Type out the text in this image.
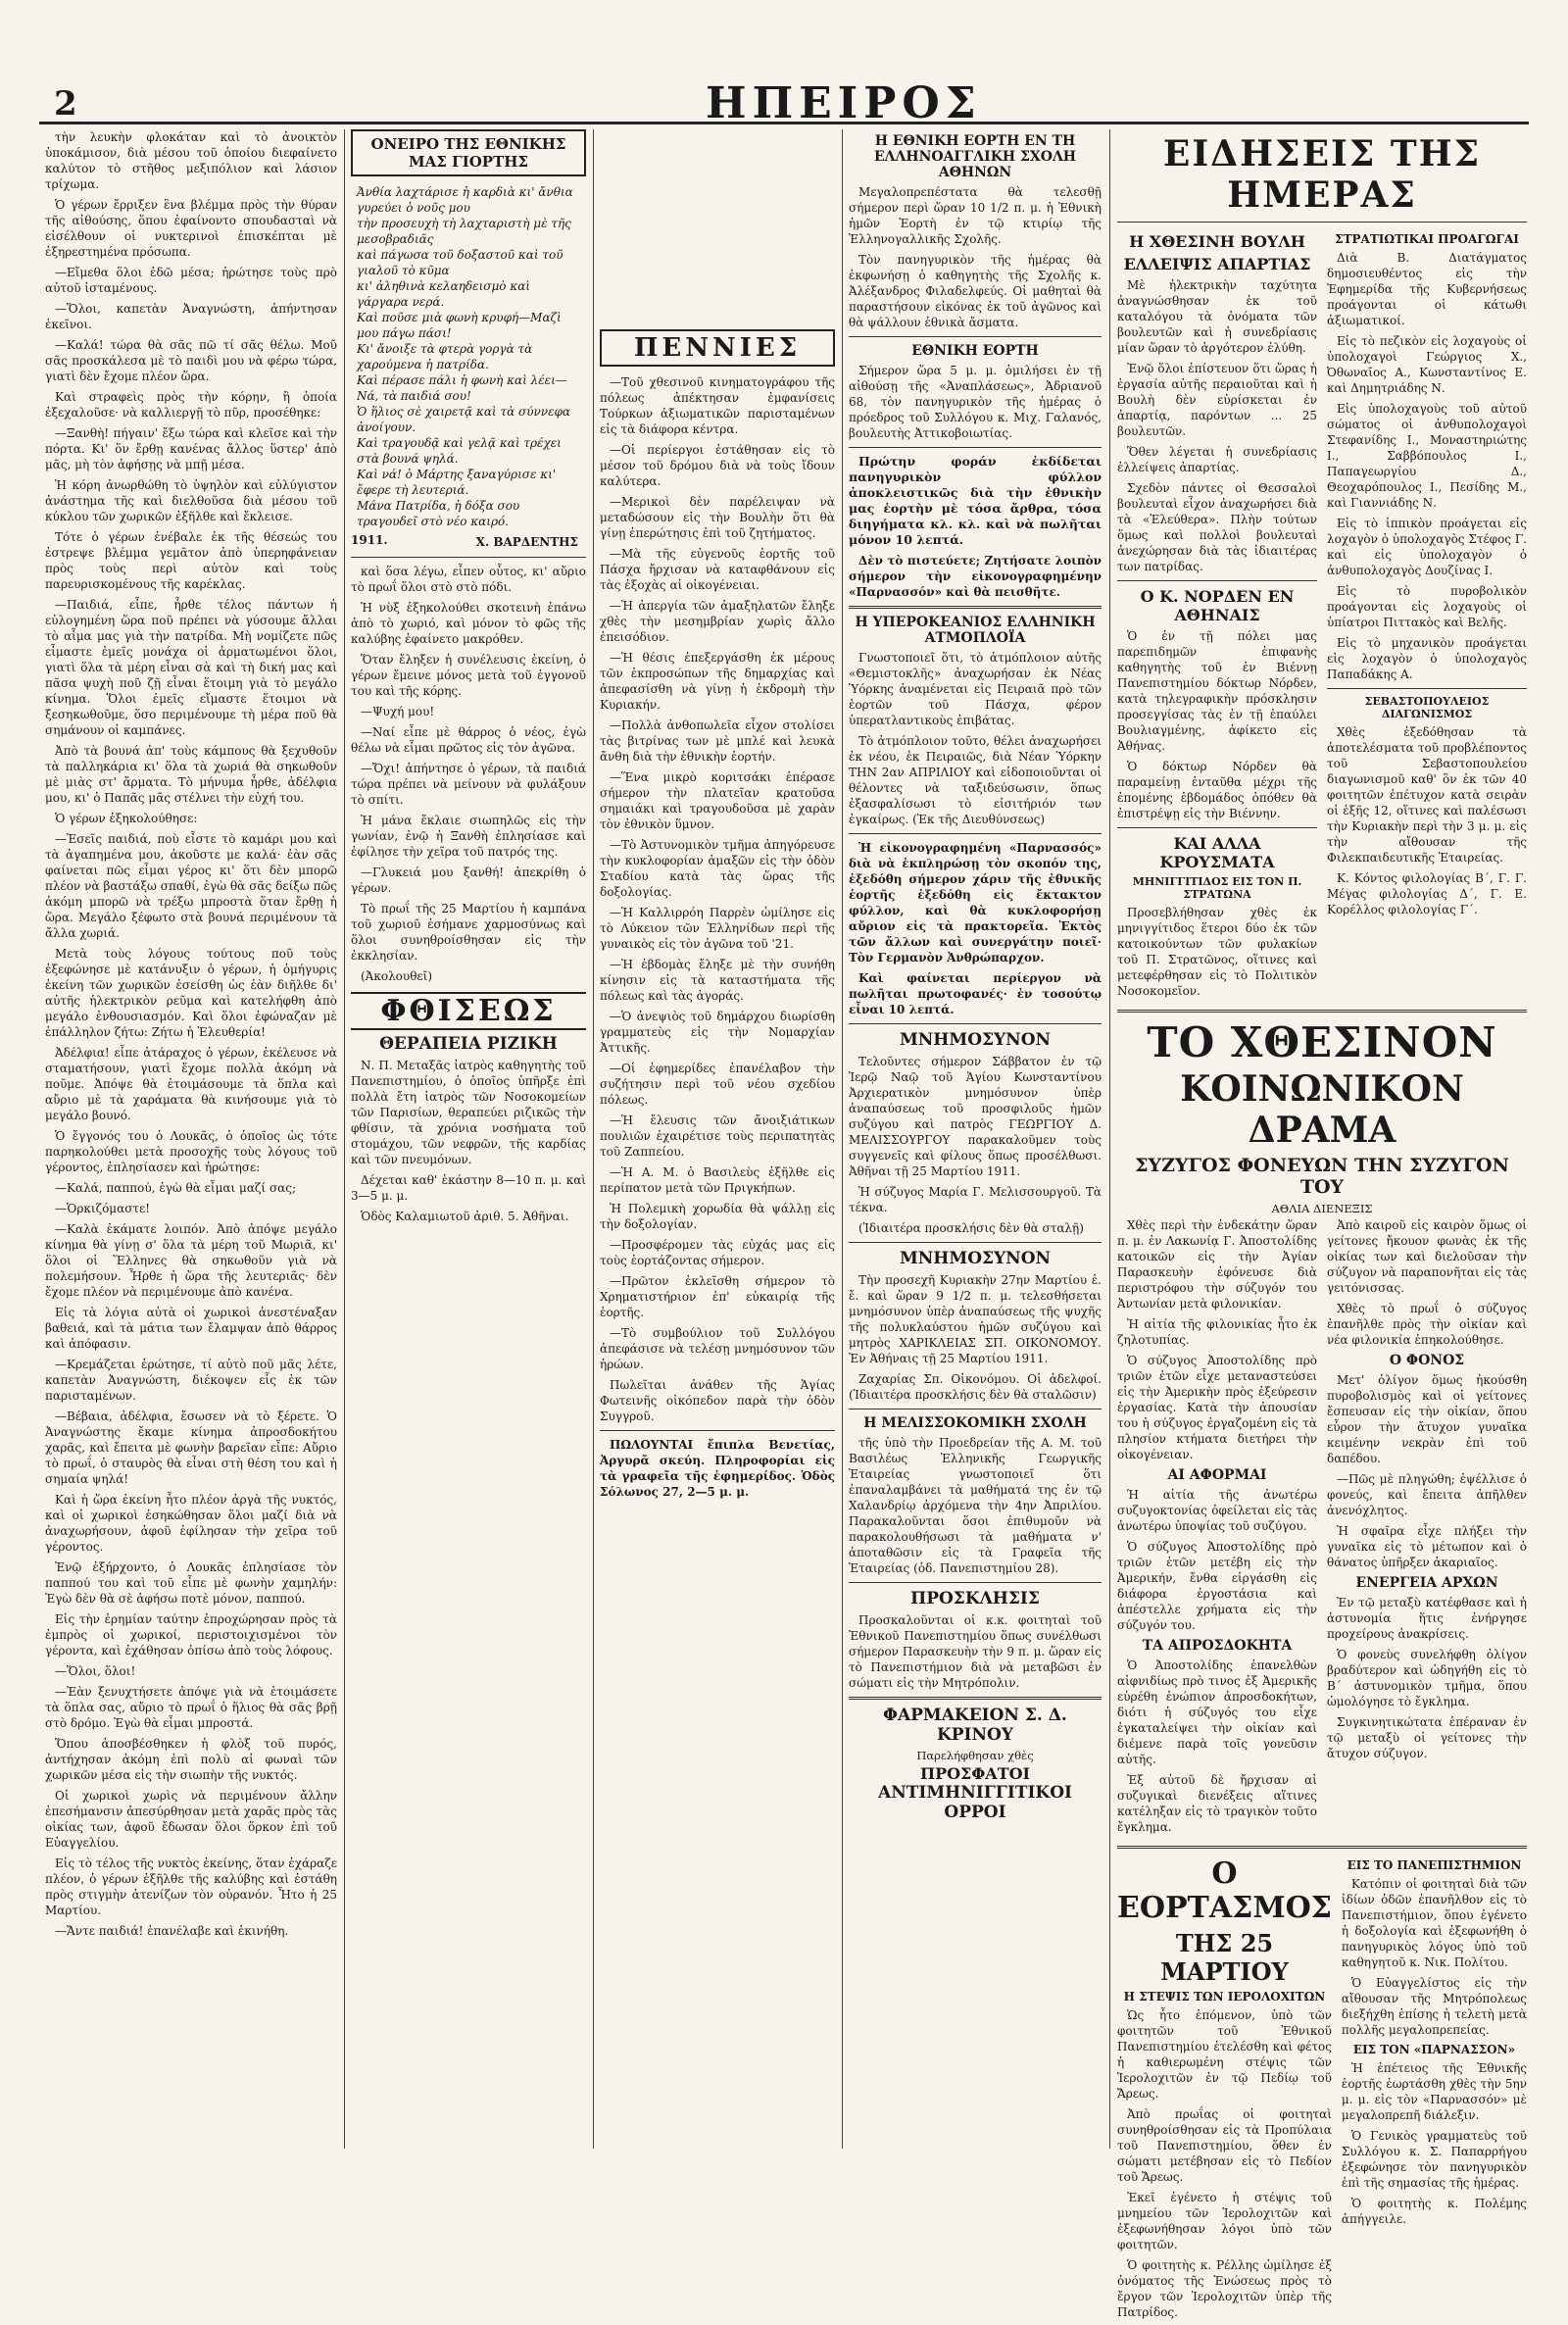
2	ΗΠΕΙΡΟΣ

τὴν λευκὴν φλοκάταν καὶ τὸ ἀνοικτὸν ὑποκάμισον, διὰ μέσου τοῦ ὁποίου διεφαίνετο καλύτον τὸ στῆθος μεξιπόλιον καὶ λάσιον τρίχωμα.

Ὁ γέρων ἔρριξεν ἓνα βλέμμα πρὸς τὴν θύραν τῆς αἰθούσης, ὅπου ἐφαίνοντο σπουδασταὶ νὰ εἰσέλθουν οἱ νυκτερινοὶ ἐπισκέπται μὲ ἐξηρεστημένα πρόσωπα.

—Εἴμεθα ὅλοι ἐδῶ μέσα; ἠρώτησε τοὺς πρὸ αὐτοῦ ἱσταμένους.

—Ὅλοι, καπετὰν Ἀναγνώστη, ἀπήντησαν ἐκεῖνοι.

—Καλά! τώρα θὰ σᾶς πῶ τί σᾶς θέλω. Μοῦ σᾶς προσκάλεσα μὲ τὸ παιδὶ μου νὰ φέρω τώρα, γιατὶ δὲν ἔχομε πλέον ὥρα.

Καὶ στραφεὶς πρὸς τὴν κόρην, ἢ ὁποία ἐξεχαλοῦσε· νὰ καλλιεργῇ τὸ πῦρ, προσέθηκε:

—Ξανθὴ! πήγαιν' ἔξω τώρα καὶ κλεῖσε καὶ τὴν πόρτα. Κι' ὅν ἔρθῃ κανένας ἄλλος ὕστερ' ἀπὸ μᾶς, μὴ τὸν ἀφήσῃς νὰ μπῇ μέσα.

Ἡ κόρη ἀνωρθώθη τὸ ὑψηλὸν καὶ εὐλύγιστον ἀνάστημα τῆς καὶ διελθοῦσα διὰ μέσου τοῦ κύκλου τῶν χωρικῶν ἐξῆλθε καὶ ἔκλεισε.

Τότε ὁ γέρων ἐνέβαλε ἐκ τῆς θέσεώς του ἐστρεψε βλέμμα γεμᾶτον ἀπὸ ὑπερηφάνειαν πρὸς τοὺς περὶ αὐτὸν καὶ τοὺς παρευρισκομένους τῆς καρέκλας.

—Παιδιά, εἶπε, ἦρθε τέλος πάντων ἡ εὐλογημένη ὥρα ποῦ πρέπει νὰ γύσουμε ἄλλαι τὸ αἷμα μας γιὰ τὴν πατρίδα. Μὴ νομίζετε πῶς εἶμαστε ἐμεῖς μονάχα οἱ ἀρματωμένοι ὅλοι, γιατὶ ὅλα τὰ μέρη εἶναι σὰ καὶ τὴ δική μας καὶ πᾶσα ψυχὴ ποῦ ζῇ εἶναι ἕτοιμη γιὰ τὸ μεγάλο κίνημα. Ὅλοι ἐμεῖς εἴμαστε ἕτοιμοι νὰ ξεσηκωθοῦμε, ὅσο περιμένουμε τὴ μέρα ποῦ θὰ σημάνουν οἱ καμπάνες.

Ἀπὸ τὰ βουνά ἀπ' τοὺς κάμπους θὰ ξεχυθοῦν τὰ παλληκάρια κι' ὅλα τὰ χωριά θὰ σηκωθοῦν μὲ μιὰς στ' ἄρματα. Τὸ μήνυμα ἦρθε, ἀδέλφια μου, κι' ὁ Παπᾶς μᾶς στέλνει τὴν εὐχή του.

Ὁ γέρων ἐξηκολούθησε:

—Ἐσεῖς παιδιά, ποὺ εἶστε τὸ καμάρι μου καὶ τὰ ἀγαπημένα μου, ἀκοῦστε με καλά· ἐὰν σᾶς φαίνεται πῶς εἶμαι γέρος κι' ὅτι δὲν μπορῶ πλέον νὰ βαστάξω σπαθί, ἐγὼ θὰ σᾶς δείξω πῶς ἀκόμη μπορῶ νὰ τρέξω μπροστὰ ὅταν ἔρθῃ ἡ ὥρα. Μεγάλο ξέφωτο στὰ βουνά περιμένουν τὰ ἄλλα χωριά.

Μετὰ τοὺς λόγους τούτους ποῦ τοὺς ἐξεφώνησε μὲ κατάνυξιν ὁ γέρων, ἡ ὁμήγυρις ἐκείνη τῶν χωρικῶν ἐσείσθη ὡς ἐὰν διῆλθε δι' αὐτῆς ἡλεκτρικὸν ρεῦμα καὶ κατελήφθη ἀπὸ μεγάλο ἐνθουσιασμόν. Καὶ ὅλοι ἐφώναζαν μὲ ἐπάλληλον ζήτω: Ζήτω ἡ Ἐλευθερία!

Ἀδέλφια! εἶπε ἀτάραχος ὁ γέρων, ἐκέλευσε νὰ σταματήσουν, γιατὶ ἔχομε πολλὰ ἀκόμη νὰ ποῦμε. Ἀπόψε θὰ ἐτοιμάσουμε τὰ ὅπλα καὶ αὔριο μὲ τὰ χαράματα θὰ κινήσουμε γιὰ τὸ μεγάλο βουνό.

Ὁ ἔγγονός του ὁ Λουκᾶς, ὁ ὁποῖος ὡς τότε παρηκολούθει μετὰ προσοχῆς τοὺς λόγους τοῦ γέροντος, ἐπλησίασεν καὶ ἠρώτησε:

—Καλά, παππού, ἐγὼ θὰ εἶμαι μαζί σας;

—Ὁρκιζόμαστε!

—Καλὰ ἐκάματε λοιπόν. Ἀπὸ ἀπόψε μεγάλο κίνημα θὰ γίνῃ σ' ὅλα τὰ μέρη τοῦ Μωριᾶ, κι' ὅλοι οἱ Ἕλληνες θὰ σηκωθοῦν γιὰ νὰ πολεμήσουν. Ἦρθε ἡ ὥρα τῆς λευτεριᾶς· δὲν ἔχομε πλέον νὰ περιμένουμε ἀπὸ κανένα.

Εἰς τὰ λόγια αὐτὰ οἱ χωρικοὶ ἀνεστέναξαν βαθειά, καὶ τὰ μάτια των ἔλαμψαν ἀπὸ θάρρος καὶ ἀπόφασιν.

—Κρεμάζεται ἐρώτησε, τί αὐτὸ ποῦ μᾶς λέτε, καπετὰν Ἀναγνώστη, διέκοψεν εἷς ἐκ τῶν παρισταμένων.

—Βέβαια, ἀδέλφια, ἔσωσεν νὰ τὸ ξέρετε. Ὁ Ἀναγνώστης ἔκαμε κίνημα ἀπροσδοκήτου χαρᾶς, καὶ ἔπειτα μὲ φωνὴν βαρεῖαν εἶπε: Αὔριο τὸ πρωΐ, ὁ σταυρὸς θὰ εἶναι στὴ θέση του καὶ ἡ σημαία ψηλά!

Καὶ ἡ ὥρα ἐκείνη ἦτο πλέον ἀργὰ τῆς νυκτός, καὶ οἱ χωρικοὶ ἐσηκώθησαν ὅλοι μαζί διὰ νὰ ἀναχωρήσουν, ἀφοῦ ἐφίλησαν τὴν χεῖρα τοῦ γέροντος.

Ἐνῷ ἐξήρχοντο, ὁ Λουκᾶς ἐπλησίασε τὸν παππού του καὶ τοῦ εἶπε μὲ φωνὴν χαμηλήν: Ἐγὼ δὲν θὰ σὲ ἀφήσω ποτὲ μόνον, παππού.

Εἰς τὴν ἐρημίαν ταύτην ἐπροχώρησαν πρὸς τὰ ἐμπρὸς οἱ χωρικοί, περιστοιχισμένοι τὸν γέροντα, καὶ ἐχάθησαν ὀπίσω ἀπὸ τοὺς λόφους.

—Ὅλοι, ὅλοι!

—Ἐὰν ξενυχτήσετε ἀπόψε γιὰ νὰ ἑτοιμάσετε τὰ ὅπλα σας, αὔριο τὸ πρωΐ ὁ ἥλιος θὰ σᾶς βρῇ στὸ δρόμο. Ἐγὼ θὰ εἶμαι μπροστά.

Ὅπου ἀποσβέσθηκεν ἡ φλὸξ τοῦ πυρός, ἀντήχησαν ἀκόμη ἐπὶ πολὺ αἱ φωναὶ τῶν χωρικῶν μέσα εἰς τὴν σιωπὴν τῆς νυκτός.

Οἱ χωρικοὶ χωρὶς νὰ περιμένουν ἄλλην ἐπεσήμανσιν ἀπεσύρθησαν μετὰ χαρᾶς πρὸς τὰς οἰκίας των, ἀφοῦ ἔδωσαν ὅλοι ὅρκον ἐπὶ τοῦ Εὐαγγελίου.

Εἰς τὸ τέλος τῆς νυκτὸς ἐκείνης, ὅταν ἐχάραζε πλέον, ὁ γέρων ἐξῆλθε τῆς καλύβης καὶ ἐστάθη πρὸς στιγμὴν ἀτενίζων τὸν οὐρανόν. Ἦτο ἡ 25 Μαρτίου.

—Ἄντε παιδιά! ἐπανέλαβε καὶ ἐκινήθη.

ΟΝΕΙΡΟ ΤΗΣ ΕΘΝΙΚΗΣ ΜΑΣ ΓΙΟΡΤΗΣ
Ἀνθία λαχτάρισε ἡ καρδιὰ κι' ἄνθια γυρεύει ὁ νοῦς μου
τὴν προσευχὴ τὴ λαχταριστὴ μὲ τῆς μεσοβραδιᾶς
καὶ πάγωσα τοῦ δοξαστοῦ καὶ τοῦ γιαλοῦ τὸ κῦμα
κι' ἀληθινὰ κελαηδεισμὸ καὶ γάργαρα νερά.
Καὶ ποῦσε μιὰ φωνὴ κρυφή—Μαζὶ μου πάγω πάσι!
Κι' ἄνοιξε τὰ φτερὰ γοργὰ τὰ χαρούμενα ἡ πατρίδα.
Καὶ πέρασε πάλι ἡ φωνὴ καὶ λέει— Νά, τὰ παιδιά σου!
Ὁ ἥλιος σὲ χαιρετᾷ καὶ τὰ σύννεφα ἀνοίγουν.
Καὶ τραγουδᾷ καὶ γελᾷ καὶ τρέχει στὰ βουνά ψηλά.
Καὶ νά! ὁ Μάρτης ξαναγύρισε κι' ἔφερε τὴ λευτεριά.
Μάνα Πατρίδα, ἡ δόξα σου τραγουδεῖ στὸ νέο καιρό.
1911.	Χ. ΒΑΡΔΕΝΤΗΣ

καὶ ὅσα λέγω, εἶπεν οὗτος, κι' αὔριο τὸ πρωΐ ὅλοι στὸ στὸ πόδι.

Ἡ νὺξ ἐξηκολούθει σκοτεινὴ ἐπάνω ἀπὸ τὸ χωριό, καὶ μόνον τὸ φῶς τῆς καλύβης ἐφαίνετο μακρόθεν.

Ὅταν ἔληξεν ἡ συνέλευσις ἐκείνη, ὁ γέρων ἔμεινε μόνος μετὰ τοῦ ἐγγονοῦ του καὶ τῆς κόρης.

—Ψυχή μου!

—Ναί εἶπε μὲ θάρρος ὁ νέος, ἐγὼ θέλω νὰ εἶμαι πρῶτος εἰς τὸν ἀγῶνα.

—Ὄχι! ἀπήντησε ὁ γέρων, τὰ παιδιά τώρα πρέπει νὰ μείνουν νὰ φυλάξουν τὸ σπίτι.

Ἡ μάνα ἔκλαιε σιωπηλῶς εἰς τὴν γωνίαν, ἐνῷ ἡ Ξανθὴ ἐπλησίασε καὶ ἐφίλησε τὴν χεῖρα τοῦ πατρός της.

—Γλυκειά μου ξανθή! ἀπεκρίθη ὁ γέρων.

Τὸ πρωΐ τῆς 25 Μαρτίου ἡ καμπάνα τοῦ χωριοῦ ἐσήμανε χαρμοσύνως καὶ ὅλοι συνηθροίσθησαν εἰς τὴν ἐκκλησίαν.

(Ἀκολουθεῖ)

ΦΘΙΣΕΩΣ
ΘΕΡΑΠΕΙΑ ΡΙΖΙΚΗ

Ν. Π. Μεταξᾶς ἰατρὸς καθηγητὴς τοῦ Πανεπιστημίου, ὁ ὁποῖος ὑπῆρξε ἐπὶ πολλὰ ἔτη ἰατρὸς τῶν Νοσοκομείων τῶν Παρισίων, θεραπεύει ριζικῶς τὴν φθίσιν, τὰ χρόνια νοσήματα τοῦ στομάχου, τῶν νεφρῶν, τῆς καρδίας καὶ τῶν πνευμόνων.

Δέχεται καθ' ἑκάστην 8—10 π. μ. καὶ 3—5 μ. μ.

Ὁδὸς Καλαμιωτοῦ ἀριθ. 5. Ἀθῆναι.

ΠΕΝΝΙΕΣ

—Τοῦ χθεσινοῦ κινηματογράφου τῆς πόλεως ἀπέκτησαν ἐμφανίσεις Τούρκων ἀξιωματικῶν παρισταμένων εἰς τὰ διάφορα κέντρα.

—Οἱ περίεργοι ἐστάθησαν εἰς τὸ μέσον τοῦ δρόμου διὰ νὰ τοὺς ἴδουν καλύτερα.

—Μερικοὶ δὲν παρέλειψαν νὰ μεταδώσουν εἰς τὴν Βουλὴν ὅτι θὰ γίνῃ ἐπερώτησις ἐπὶ τοῦ ζητήματος.

—Μὰ τῆς εὐγενοῦς ἑορτῆς τοῦ Πάσχα ἤρχισαν νὰ καταφθάνουν εἰς τὰς ἐξοχὰς αἱ οἰκογένειαι.

—Ἡ ἀπεργία τῶν ἀμαξηλατῶν ἔληξε χθὲς τὴν μεσημβρίαν χωρὶς ἄλλο ἐπεισόδιον.

—Ἡ θέσις ἐπεξεργάσθη ἐκ μέρους τῶν ἐκπροσώπων τῆς δημαρχίας καὶ ἀπεφασίσθη νὰ γίνῃ ἡ ἐκδρομὴ τὴν Κυριακήν.

—Πολλὰ ἀνθοπωλεῖα εἶχον στολίσει τὰς βιτρίνας των μὲ μπλέ καὶ λευκὰ ἄνθη διὰ τὴν ἐθνικὴν ἑορτήν.

—Ἕνα μικρὸ κοριτσάκι ἐπέρασε σήμερον τὴν πλατεῖαν κρατοῦσα σημαιάκι καὶ τραγουδοῦσα μὲ χαρὰν τὸν ἐθνικὸν ὕμνον.

—Τὸ Ἀστυνομικὸν τμῆμα ἀπηγόρευσε τὴν κυκλοφορίαν ἁμαξῶν εἰς τὴν ὁδὸν Σταδίου κατὰ τὰς ὥρας τῆς δοξολογίας.

—Ἡ Καλλιρρόη Παρρὲν ὡμίλησε εἰς τὸ Λύκειον τῶν Ἑλληνίδων περὶ τῆς γυναικὸς εἰς τὸν ἀγῶνα τοῦ '21.

—Ἡ ἐβδομὰς ἔληξε μὲ τὴν συνήθη κίνησιν εἰς τὰ καταστήματα τῆς πόλεως καὶ τὰς ἀγοράς.

—Ὁ ἀνεψιὸς τοῦ δημάρχου διωρίσθη γραμματεὺς εἰς τὴν Νομαρχίαν Ἀττικῆς.

—Οἱ ἐφημερίδες ἐπανέλαβον τὴν συζήτησιν περὶ τοῦ νέου σχεδίου πόλεως.

—Ἡ ἔλευσις τῶν ἄνοιξιάτικων πουλιῶν ἐχαιρέτισε τοὺς περιπατητὰς τοῦ Ζαππείου.

—Ἡ Α. Μ. ὁ Βασιλεὺς ἐξῆλθε εἰς περίπατον μετὰ τῶν Πριγκήπων.

Ἡ Πολεμικὴ χορωδία θὰ ψάλλῃ εἰς τὴν δοξολογίαν.

—Προσφέρομεν τὰς εὐχάς μας εἰς τοὺς ἑορτάζοντας σήμερον.

—Πρῶτον ἐκλεῖσθη σήμερον τὸ Χρηματιστήριον ἐπ' εὐκαιρίᾳ τῆς ἑορτῆς.

—Τὸ συμβούλιον τοῦ Συλλόγου ἀπεφάσισε νὰ τελέσῃ μνημόσυνον τῶν ἡρώων.

Πωλεῖται ἀνάθεν τῆς Ἁγίας Φωτεινῆς οἰκόπεδον παρὰ τὴν ὁδὸν Συγγροῦ.

ΠΩΛΟΥΝΤΑΙ ἔπιπλα Βενετίας, Ἀργυρᾶ σκεύη. Πληροφορίαι εἰς τὰ γραφεῖα τῆς ἐφημερίδος. Ὁδὸς Σόλωνος 27, 2—5 μ. μ.

Η ΕΘΝΙΚΗ ΕΟΡΤΗ ΕΝ ΤΗ ΕΛΛΗΝΟΑΓΓΛΙΚΗ ΣΧΟΛΗ ΑΘΗΝΩΝ

Μεγαλοπρεπέστατα θὰ τελεσθῇ σήμερον περὶ ὥραν 10 1/2 π. μ. ἡ Ἐθνικὴ ἡμῶν Ἑορτὴ ἐν τῷ κτιρίῳ τῆς Ἑλληνογαλλικῆς Σχολῆς.

Τὸν πανηγυρικὸν τῆς ἡμέρας θὰ ἐκφωνήσῃ ὁ καθηγητὴς τῆς Σχολῆς κ. Ἀλέξανδρος Φιλαδελφεύς. Οἱ μαθηταὶ θὰ παραστήσουν εἰκόνας ἐκ τοῦ ἀγῶνος καὶ θὰ ψάλλουν ἐθνικὰ ἄσματα.

ΕΘΝΙΚΗ ΕΟΡΤΗ

Σήμερον ὥρα 5 μ. μ. ὁμιλήσει ἐν τῇ αἰθούσῃ τῆς «Ἀναπλάσεως», Ἀδριανοῦ 68, τὸν πανηγυρικὸν τῆς ἡμέρας ὁ πρόεδρος τοῦ Συλλόγου κ. Μιχ. Γαλανός, βουλευτὴς Ἀττικοβοιωτίας.

Πρώτην φοράν ἐκδίδεται πανηγυρικὸν φύλλον ἀποκλειστικῶς διὰ τὴν ἐθνικὴν μας ἑορτὴν μὲ τόσα ἄρθρα, τόσα διηγήματα κλ. κλ. καὶ νὰ πωλῆται μόνον 10 λεπτά.

Δὲν τὸ πιστεύετε; Ζητήσατε λοιπὸν σήμερον τὴν εἰκονογραφημένην «Παρνασσόν» καὶ θὰ πεισθῆτε.

Η ΥΠΕΡΟΚΕΑΝΙΟΣ ΕΛΛΗΝΙΚΗ ΑΤΜΟΠΛΟΪΑ

Γνωστοποιεῖ ὅτι, τὸ ἀτμόπλοιον αὐτῆς «Θεμιστοκλῆς» ἀναχωρήσαν ἐκ Νέας Ὑόρκης ἀναμένεται εἰς Πειραιᾶ πρὸ τῶν ἑορτῶν τοῦ Πάσχα, φέρον ὑπερατλαντικοὺς ἐπιβάτας.

Τὸ ἀτμόπλοιον τοῦτο, θέλει ἀναχωρήσει ἐκ νέου, ἐκ Πειραιῶς, διὰ Νέαν Ὑόρκην ΤΗΝ 2αν ΑΠΡΙΛΙΟΥ καὶ εἰδοποιοῦνται οἱ θέλοντες νὰ ταξιδεύσωσιν, ὅπως ἐξασφαλίσωσι τὸ εἰσιτήριόν των ἐγκαίρως. (Ἐκ τῆς Διευθύνσεως)

Ἡ εἰκονογραφημένη «Παρνασσός» διὰ νὰ ἐκπληρώσῃ τὸν σκοπόν της, ἐξεδόθη σήμερον χάριν τῆς ἐθνικῆς ἑορτῆς ἐξεδόθη εἰς ἔκτακτον φύλλον, καὶ θὰ κυκλοφορήσῃ αὔριον εἰς τὰ πρακτορεῖα. Ἐκτὸς τῶν ἄλλων καὶ συνεργάτην ποιεῖ· Τὸν Γερμανὸν Ἀνθρώπαρχον.

Καὶ φαίνεται περίεργον νὰ πωλῆται πρωτοφανές· ἐν τοσούτῳ εἶναι 10 λεπτά.

ΜΝΗΜΟΣΥΝΟΝ

Τελοῦντες σήμερον Σάββατον ἐν τῷ Ἱερῷ Ναῷ τοῦ Ἁγίου Κωνσταντίνου Ἀρχιερατικὸν μνημόσυνον ὑπὲρ ἀναπαύσεως τοῦ προσφιλοῦς ἡμῶν συζύγου καὶ πατρὸς ΓΕΩΡΓΙΟΥ Δ. ΜΕΛΙΣΣΟΥΡΓΟΥ παρακαλοῦμεν τοὺς συγγενεῖς καὶ φίλους ὅπως προσέλθωσι. Ἀθῆναι τῇ 25 Μαρτίου 1911.

Ἡ σύζυγος Μαρία Γ. Μελισσουργοῦ. Τὰ τέκνα.

(Ἰδιαιτέρα προσκλήσις δὲν θὰ σταλῇ)

ΜΝΗΜΟΣΥΝΟΝ

Τὴν προσεχῆ Κυριακὴν 27ην Μαρτίου ἐ. ἔ. καὶ ὥραν 9 1/2 π. μ. τελεσθήσεται μνημόσυνον ὑπὲρ ἀναπαύσεως τῆς ψυχῆς τῆς πολυκλαύστου ἡμῶν συζύγου καὶ μητρὸς ΧΑΡΙΚΛΕΙΑΣ ΣΠ. ΟΙΚΟΝΟΜΟΥ. Ἐν Ἀθήναις τῇ 25 Μαρτίου 1911.

Ζαχαρίας Σπ. Οἰκονόμου. Οἱ ἀδελφοί. (Ἰδιαιτέρα προσκλήσις δὲν θὰ σταλῶσιν)

Η ΜΕΛΙΣΣΟΚΟΜΙΚΗ ΣΧΟΛΗ

τῆς ὑπὸ τὴν Προεδρείαν τῆς Α. Μ. τοῦ Βασιλέως Ἑλληνικῆς Γεωργικῆς Ἑταιρείας γνωστοποιεῖ ὅτι ἐπαναλαμβάνει τὰ μαθήματά της ἐν τῷ Χαλανδρίῳ ἀρχόμενα τὴν 4ην Ἀπριλίου. Παρακαλοῦνται ὅσοι ἐπιθυμοῦν νὰ παρακολουθήσωσι τὰ μαθήματα ν' ἀποταθῶσιν εἰς τὰ Γραφεῖα τῆς Ἑταιρείας (ὁδ. Πανεπιστημίου 28).

ΠΡΟΣΚΛΗΣΙΣ

Προσκαλοῦνται οἱ κ.κ. φοιτηταὶ τοῦ Ἐθνικοῦ Πανεπιστημίου ὅπως συνέλθωσι σήμερον Παρασκευὴν τὴν 9 π. μ. ὥραν εἰς τὸ Πανεπιστήμιον διὰ νὰ μεταβῶσι ἐν σώματι εἰς τὴν Μητρόπολιν.

ΦΑΡΜΑΚΕΙΟΝ Σ. Δ. ΚΡΙΝΟΥ
Παρελήφθησαν χθὲς
ΠΡΟΣΦΑΤΟΙ
ΑΝΤΙΜΗΝΙΓΓΙΤΙΚΟΙ ΟΡΡΟΙ
ΕΙΔΗΣΕΙΣ ΤΗΣ ΗΜΕΡΑΣ
Η ΧΘΕΣΙΝΗ ΒΟΥΛΗ
ΕΛΛΕΙΨΙΣ ΑΠΑΡΤΙΑΣ

Μὲ ἡλεκτρικὴν ταχύτητα ἀναγνώσθησαν ἐκ τοῦ καταλόγου τὰ ὀνόματα τῶν βουλευτῶν καὶ ἡ συνεδρίασις μίαν ὥραν τὸ ἀργότερον ἐλύθη.

Ἐνῷ ὅλοι ἐπίστευον ὅτι ὥρας ἡ ἐργασία αὐτῆς περαιοῦται καὶ ἡ Βουλὴ δὲν εὑρίσκεται ἐν ἀπαρτίᾳ, παρόντων ... 25 βουλευτῶν.

Ὅθεν λέγεται ἡ συνεδρίασις ἐλλείψεις ἀπαρτίας.

Σχεδὸν πάντες οἱ Θεσσαλοὶ βουλευταὶ εἶχον ἀναχωρήσει διὰ τὰ «Ἐλεύθερα». Πλὴν τούτων ὅμως καὶ πολλοὶ βουλευταὶ ἀνεχώρησαν διὰ τὰς ἰδιαιτέρας των πατρίδας.

Ο Κ. ΝΟΡΔΕΝ ΕΝ ΑΘΗΝΑΙΣ

Ὁ ἐν τῇ πόλει μας παρεπιδημῶν ἐπιφανὴς καθηγητὴς τοῦ ἐν Βιέννῃ Πανεπιστημίου δόκτωρ Νόρδεν, κατὰ τηλεγραφικὴν πρόσκλησιν προσεγγίσας τὰς ἐν τῇ ἐπαύλει Βουλιαγμένης, ἀφίκετο εἰς Ἀθήνας.

Ὁ δόκτωρ Νόρδεν θὰ παραμείνῃ ἐνταῦθα μέχρι τῆς ἐπομένης ἑβδομάδος ὁπόθεν θὰ ἐπιστρέψῃ εἰς τὴν Βιέννην.

ΚΑΙ ΑΛΛΑ ΚΡΟΥΣΜΑΤΑ
ΜΗΝΙΓΓΙΤΙΔΟΣ ΕΙΣ ΤΟΝ Π. ΣΤΡΑΤΩΝΑ

Προσεβλήθησαν χθὲς ἐκ μηνιγγίτιδος ἕτεροι δύο ἐκ τῶν κατοικούντων τῶν φυλακίων τοῦ Π. Στρατῶνος, οἵτινες καὶ μετεφέρθησαν εἰς τὸ Πολιτικὸν Νοσοκομεῖον.

ΣΤΡΑΤΙΩΤΙΚΑΙ ΠΡΟΑΓΩΓΑΙ

Διὰ Β. Διατάγματος δημοσιευθέντος εἰς τὴν Ἐφημερίδα τῆς Κυβερνήσεως προάγονται οἱ κάτωθι ἀξιωματικοί.

Εἰς τὸ πεζικὸν εἰς λοχαγοὺς οἱ ὑπολοχαγοὶ Γεώργιος Χ., Ὀθωναῖος Α., Κωνσταντίνος Ε. καὶ Δημητριάδης Ν.

Εἰς ὑπολοχαγοὺς τοῦ αὐτοῦ σώματος οἱ ἀνθυπολοχαγοὶ Στεφανίδης Ι., Μοναστηριώτης Ι., Σαββόπουλος Ι., Παπαγεωργίου Δ., Θεοχαρόπουλος Ι., Πεσίδης Μ., καὶ Γιαννιάδης Ν.

Εἰς τὸ ἱππικὸν προάγεται εἰς λοχαγὸν ὁ ὑπολοχαγὸς Στέφος Γ. καὶ εἰς ὑπολοχαγὸν ὁ ἀνθυπολοχαγὸς Δουζίνας Ι.

Εἰς τὸ πυροβολικὸν προάγονται εἰς λοχαγοὺς οἱ ὑπίατροι Πιττακὸς καὶ Βελῆς.

Εἰς τὸ μηχανικὸν προάγεται εἰς λοχαγὸν ὁ ὑπολοχαγὸς Παπαδάκης Α.

ΣΕΒΑΣΤΟΠΟΥΛΕΙΟΣ ΔΙΑΓΩΝΙΣΜΟΣ

Χθὲς ἐξεδόθησαν τὰ ἀποτελέσματα τοῦ προβλέποντος τοῦ Σεβαστοπουλείου διαγωνισμοῦ καθ' ὃν ἐκ τῶν 40 φοιτητῶν ἐπέτυχον κατὰ σειρὰν οἱ ἑξῆς 12, οἵτινες καὶ παλέσωσι τὴν Κυριακὴν περὶ τὴν 3 μ. μ. εἰς τὴν αἴθουσαν τῆς Φιλεκπαιδευτικῆς Ἑταιρείας.

Κ. Κόντος φιλολογίας Β΄, Γ. Γ. Μέγας φιλολογίας Δ΄, Γ. Ε. Κορέλλος φιλολογίας Γ΄.

ΤΟ ΧΘΕΣΙΝΟΝ
ΚΟΙΝΩΝΙΚΟΝ ΔΡΑΜΑ
ΣΥΖΥΓΟΣ ΦΟΝΕΥΩΝ ΤΗΝ ΣΥΖΥΓΟΝ ΤΟΥ
ΑΘΛΙΑ ΔΙΕΝΕΞΙΣ

Χθὲς περὶ τὴν ἑνδεκάτην ὥραν π. μ. ἐν Λακωνίᾳ Γ. Ἀποστολίδης κατοικῶν εἰς τὴν Ἀγίαν Παρασκευὴν ἐφόνευσε διὰ περιστρόφου τὴν σύζυγόν του Ἀντωνίαν μετὰ φιλονικίαν.

Ἡ αἰτία τῆς φιλονικίας ἦτο ἐκ ζηλοτυπίας.

Ὁ σύζυγος Ἀποστολίδης πρὸ τριῶν ἐτῶν εἶχε μεταναστεύσει εἰς τὴν Ἀμερικὴν πρὸς ἐξεύρεσιν ἐργασίας. Κατὰ τὴν ἀπουσίαν του ἡ σύζυγος ἐργαζομένη εἰς τὰ πλησίον κτήματα διετήρει τὴν οἰκογένειαν.

ΑΙ ΑΦΟΡΜΑΙ

Ἡ αἰτία τῆς ἀνωτέρω συζυγοκτονίας ὀφείλεται εἰς τὰς ἀνωτέρω ὑποψίας τοῦ συζύγου.

Ὁ σύζυγος Ἀποστολίδης πρὸ τριῶν ἐτῶν μετέβη εἰς τὴν Ἀμερικήν, ἔνθα εἰργάσθη εἰς διάφορα ἐργοστάσια καὶ ἀπέστελλε χρήματα εἰς τὴν σύζυγόν του.

ΤΑ ΑΠΡΟΣΔΟΚΗΤΑ

Ὁ Ἀποστολίδης ἐπανελθὼν αἰφνιδίως πρὸ τινος ἐξ Ἀμερικῆς εὑρέθη ἐνώπιον ἀπροσδοκήτων, διότι ἡ σύζυγός του εἶχε ἐγκαταλείψει τὴν οἰκίαν καὶ διέμενε παρὰ τοῖς γονεῦσιν αὐτῆς.

Ἐξ αὐτοῦ δὲ ἤρχισαν αἱ συζυγικαὶ διενέξεις αἵτινες κατέληξαν εἰς τὸ τραγικὸν τοῦτο ἔγκλημα.

Ἀπὸ καιροῦ εἰς καιρὸν ὅμως οἱ γείτονες ἤκουον φωνὰς ἐκ τῆς οἰκίας των καὶ διελοῦσαν τὴν σύζυγον νὰ παραπονῆται εἰς τὰς γειτόνισσας.

Χθὲς τὸ πρωΐ ὁ σύζυγος ἐπανῆλθε πρὸς τὴν οἰκίαν καὶ νέα φιλονικία ἐπηκολούθησε.

Ο ΦΟΝΟΣ

Μετ' ὀλίγον ὅμως ἠκούσθη πυροβολισμὸς καὶ οἱ γείτονες ἔσπευσαν εἰς τὴν οἰκίαν, ὅπου εὗρον τὴν ἄτυχον γυναῖκα κειμένην νεκρὰν ἐπὶ τοῦ δαπέδου.

—Πῶς μὲ πληγώθη; ἐψέλλισε ὁ φονεύς, καὶ ἔπειτα ἀπῆλθεν ἀνενόχλητος.

Ἡ σφαῖρα εἶχε πλήξει τὴν γυναῖκα εἰς τὸ μέτωπον καὶ ὁ θάνατος ὑπῆρξεν ἀκαριαῖος.

ΕΝΕΡΓΕΙΑ ΑΡΧΩΝ

Ἐν τῷ μεταξὺ κατέφθασε καὶ ἡ ἀστυνομία ἥτις ἐνήργησε προχείρους ἀνακρίσεις.

Ὁ φονεὺς συνελήφθη ὀλίγον βραδύτερον καὶ ὡδηγήθη εἰς τὸ Β΄ ἀστυνομικὸν τμῆμα, ὅπου ὡμολόγησε τὸ ἔγκλημα.

Συγκινητικώτατα ἐπέραναν ἐν τῷ μεταξὺ οἱ γείτονες τὴν ἄτυχον σύζυγον.

Ο ΕΟΡΤΑΣΜΟΣ
ΤΗΣ 25 ΜΑΡΤΙΟΥ
Η ΣΤΕΨΙΣ ΤΩΝ ΙΕΡΟΛΟΧΙΤΩΝ

Ὡς ἦτο ἑπόμενον, ὑπὸ τῶν φοιτητῶν τοῦ Ἐθνικοῦ Πανεπιστημίου ἐτελέσθη καὶ φέτος ἡ καθιερωμένη στέψις τῶν Ἱερολοχιτῶν ἐν τῷ Πεδίῳ τοῦ Ἄρεως.

Ἀπὸ πρωΐας οἱ φοιτηταὶ συνηθροίσθησαν εἰς τὰ Προπύλαια τοῦ Πανεπιστημίου, ὅθεν ἐν σώματι μετέβησαν εἰς τὸ Πεδίον τοῦ Ἄρεως.

Ἐκεῖ ἐγένετο ἡ στέψις τοῦ μνημείου τῶν Ἱερολοχιτῶν καὶ ἐξεφωνήθησαν λόγοι ὑπὸ τῶν φοιτητῶν.

Ὁ φοιτητὴς κ. Ρέλλης ὡμίλησε ἐξ ὀνόματος τῆς Ἑνώσεως πρὸς τὸ ἔργον τῶν Ἱερολοχιτῶν ὑπὲρ τῆς Πατρίδος.

ΕΙΣ ΤΟ ΠΑΝΕΠΙΣΤΗΜΙΟΝ

Κατόπιν οἱ φοιτηταὶ διὰ τῶν ἰδίων ὁδῶν ἐπανῆλθον εἰς τὸ Πανεπιστήμιον, ὅπου ἐγένετο ἡ δοξολογία καὶ ἐξεφωνήθη ὁ πανηγυρικὸς λόγος ὑπὸ τοῦ καθηγητοῦ κ. Νικ. Πολίτου.

Ὁ Εὐαγγελίστος εἰς τὴν αἴθουσαν τῆς Μητρόπολεως διεξήχθη ἐπίσης ἡ τελετὴ μετὰ πολλῆς μεγαλοπρεπείας.

ΕΙΣ ΤΟΝ «ΠΑΡΝΑΣΣΟΝ»

Ἡ ἐπέτειος τῆς Ἐθνικῆς ἑορτῆς ἐωρτάσθη χθὲς τὴν 5ην μ. μ. εἰς τὸν «Παρνασσόν» μὲ μεγαλοπρεπῆ διάλεξιν.

Ὁ Γενικὸς γραμματεὺς τοῦ Συλλόγου κ. Σ. Παπαρρήγου ἐξεφώνησε τὸν πανηγυρικὸν ἐπὶ τῆς σημασίας τῆς ἡμέρας.

Ὁ φοιτητὴς κ. Πολέμης ἀπήγγειλε.
